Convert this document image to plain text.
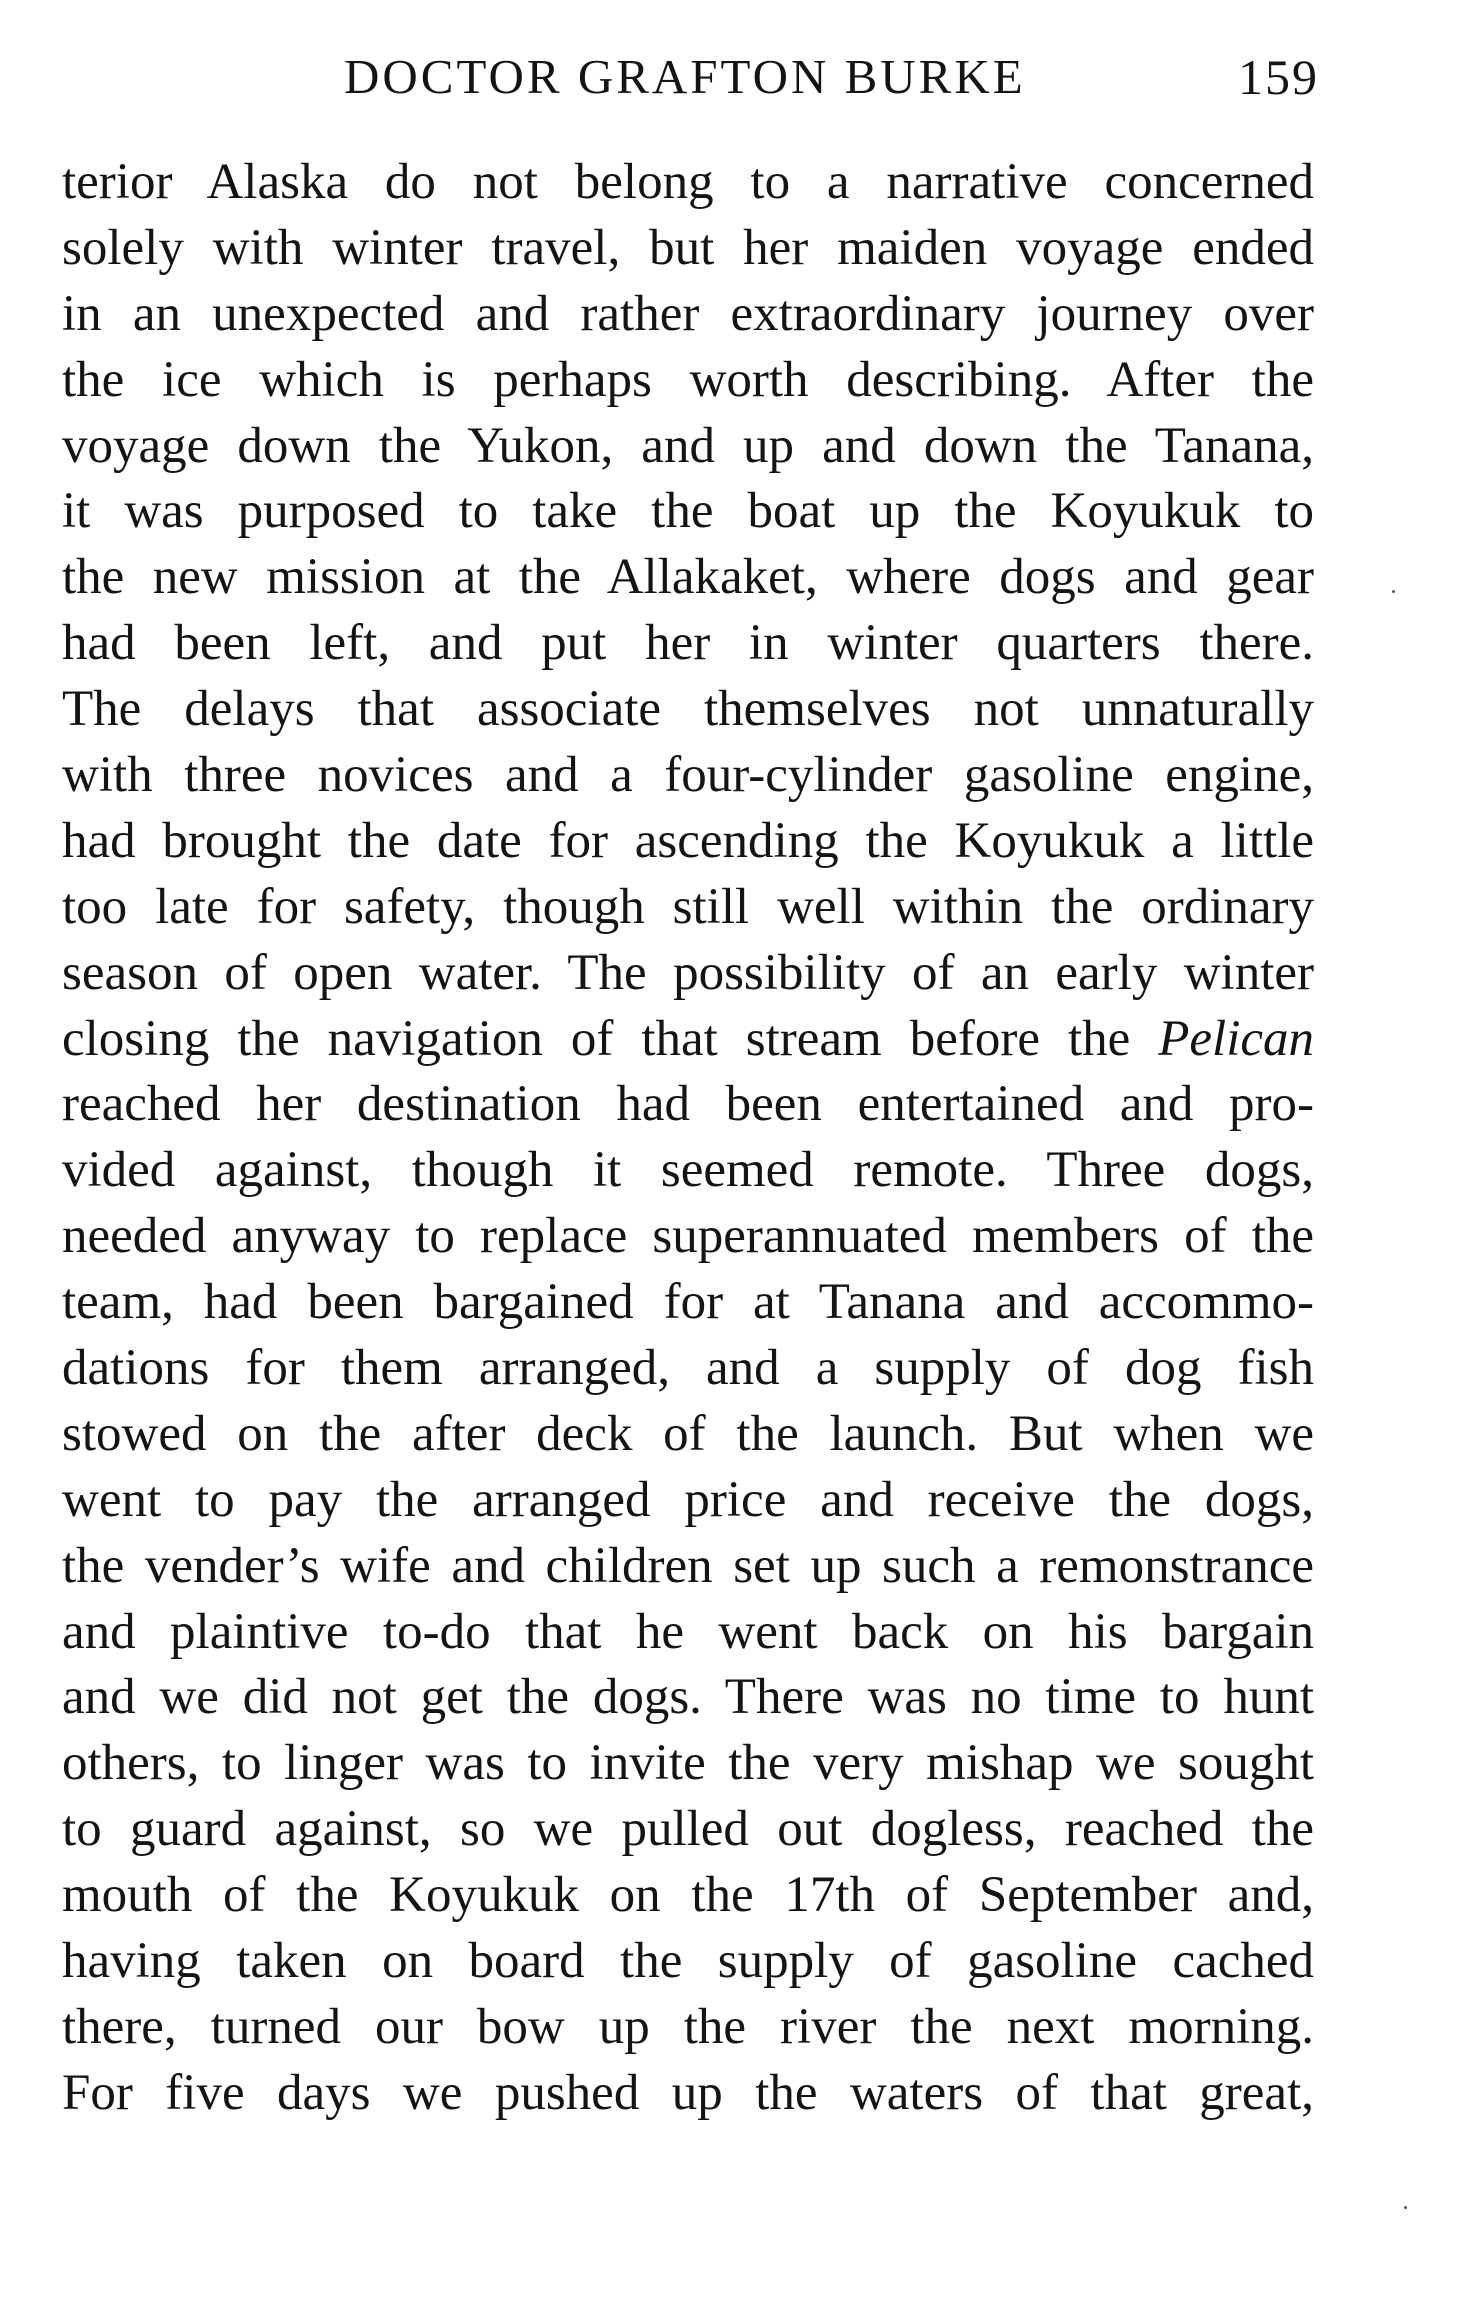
DOCTOR GRAFTON BURKE	159
terior Alaska do not belong to a narrative concerned
solely with winter travel, but her maiden voyage ended
in an unexpected and rather extraordinary journey over
the ice which is perhaps worth describing. After the
voyage down the Yukon, and up and down the Tanana,
it was purposed to take the boat up the Koyukuk to
the new mission at the Allakaket, where dogs and gear
had been left, and put her in winter quarters there.
The delays that associate themselves not unnaturally
with three novices and a four-cylinder gasoline engine,
had brought the date for ascending the Koyukuk a little
too late for safety, though still well within the ordinary
season of open water. The possibility of an early winter
closing the navigation of that stream before the Pelican
reached her destination had been entertained and pro-
vided against, though it seemed remote. Three dogs,
needed anyway to replace superannuated members of the
team, had been bargained for at Tanana and accommo-
dations for them arranged, and a supply of dog fish
stowed on the after deck of the launch. But when we
went to pay the arranged price and receive the dogs,
the vender’s wife and children set up such a remonstrance
and plaintive to-do that he went back on his bargain
and we did not get the dogs. There was no time to hunt
others, to linger was to invite the very mishap we sought
to guard against, so we pulled out dogless, reached the
mouth of the Koyukuk on the 17th of September and,
having taken on board the supply of gasoline cached
there, turned our bow up the river the next morning.
For five days we pushed up the waters of that great,
